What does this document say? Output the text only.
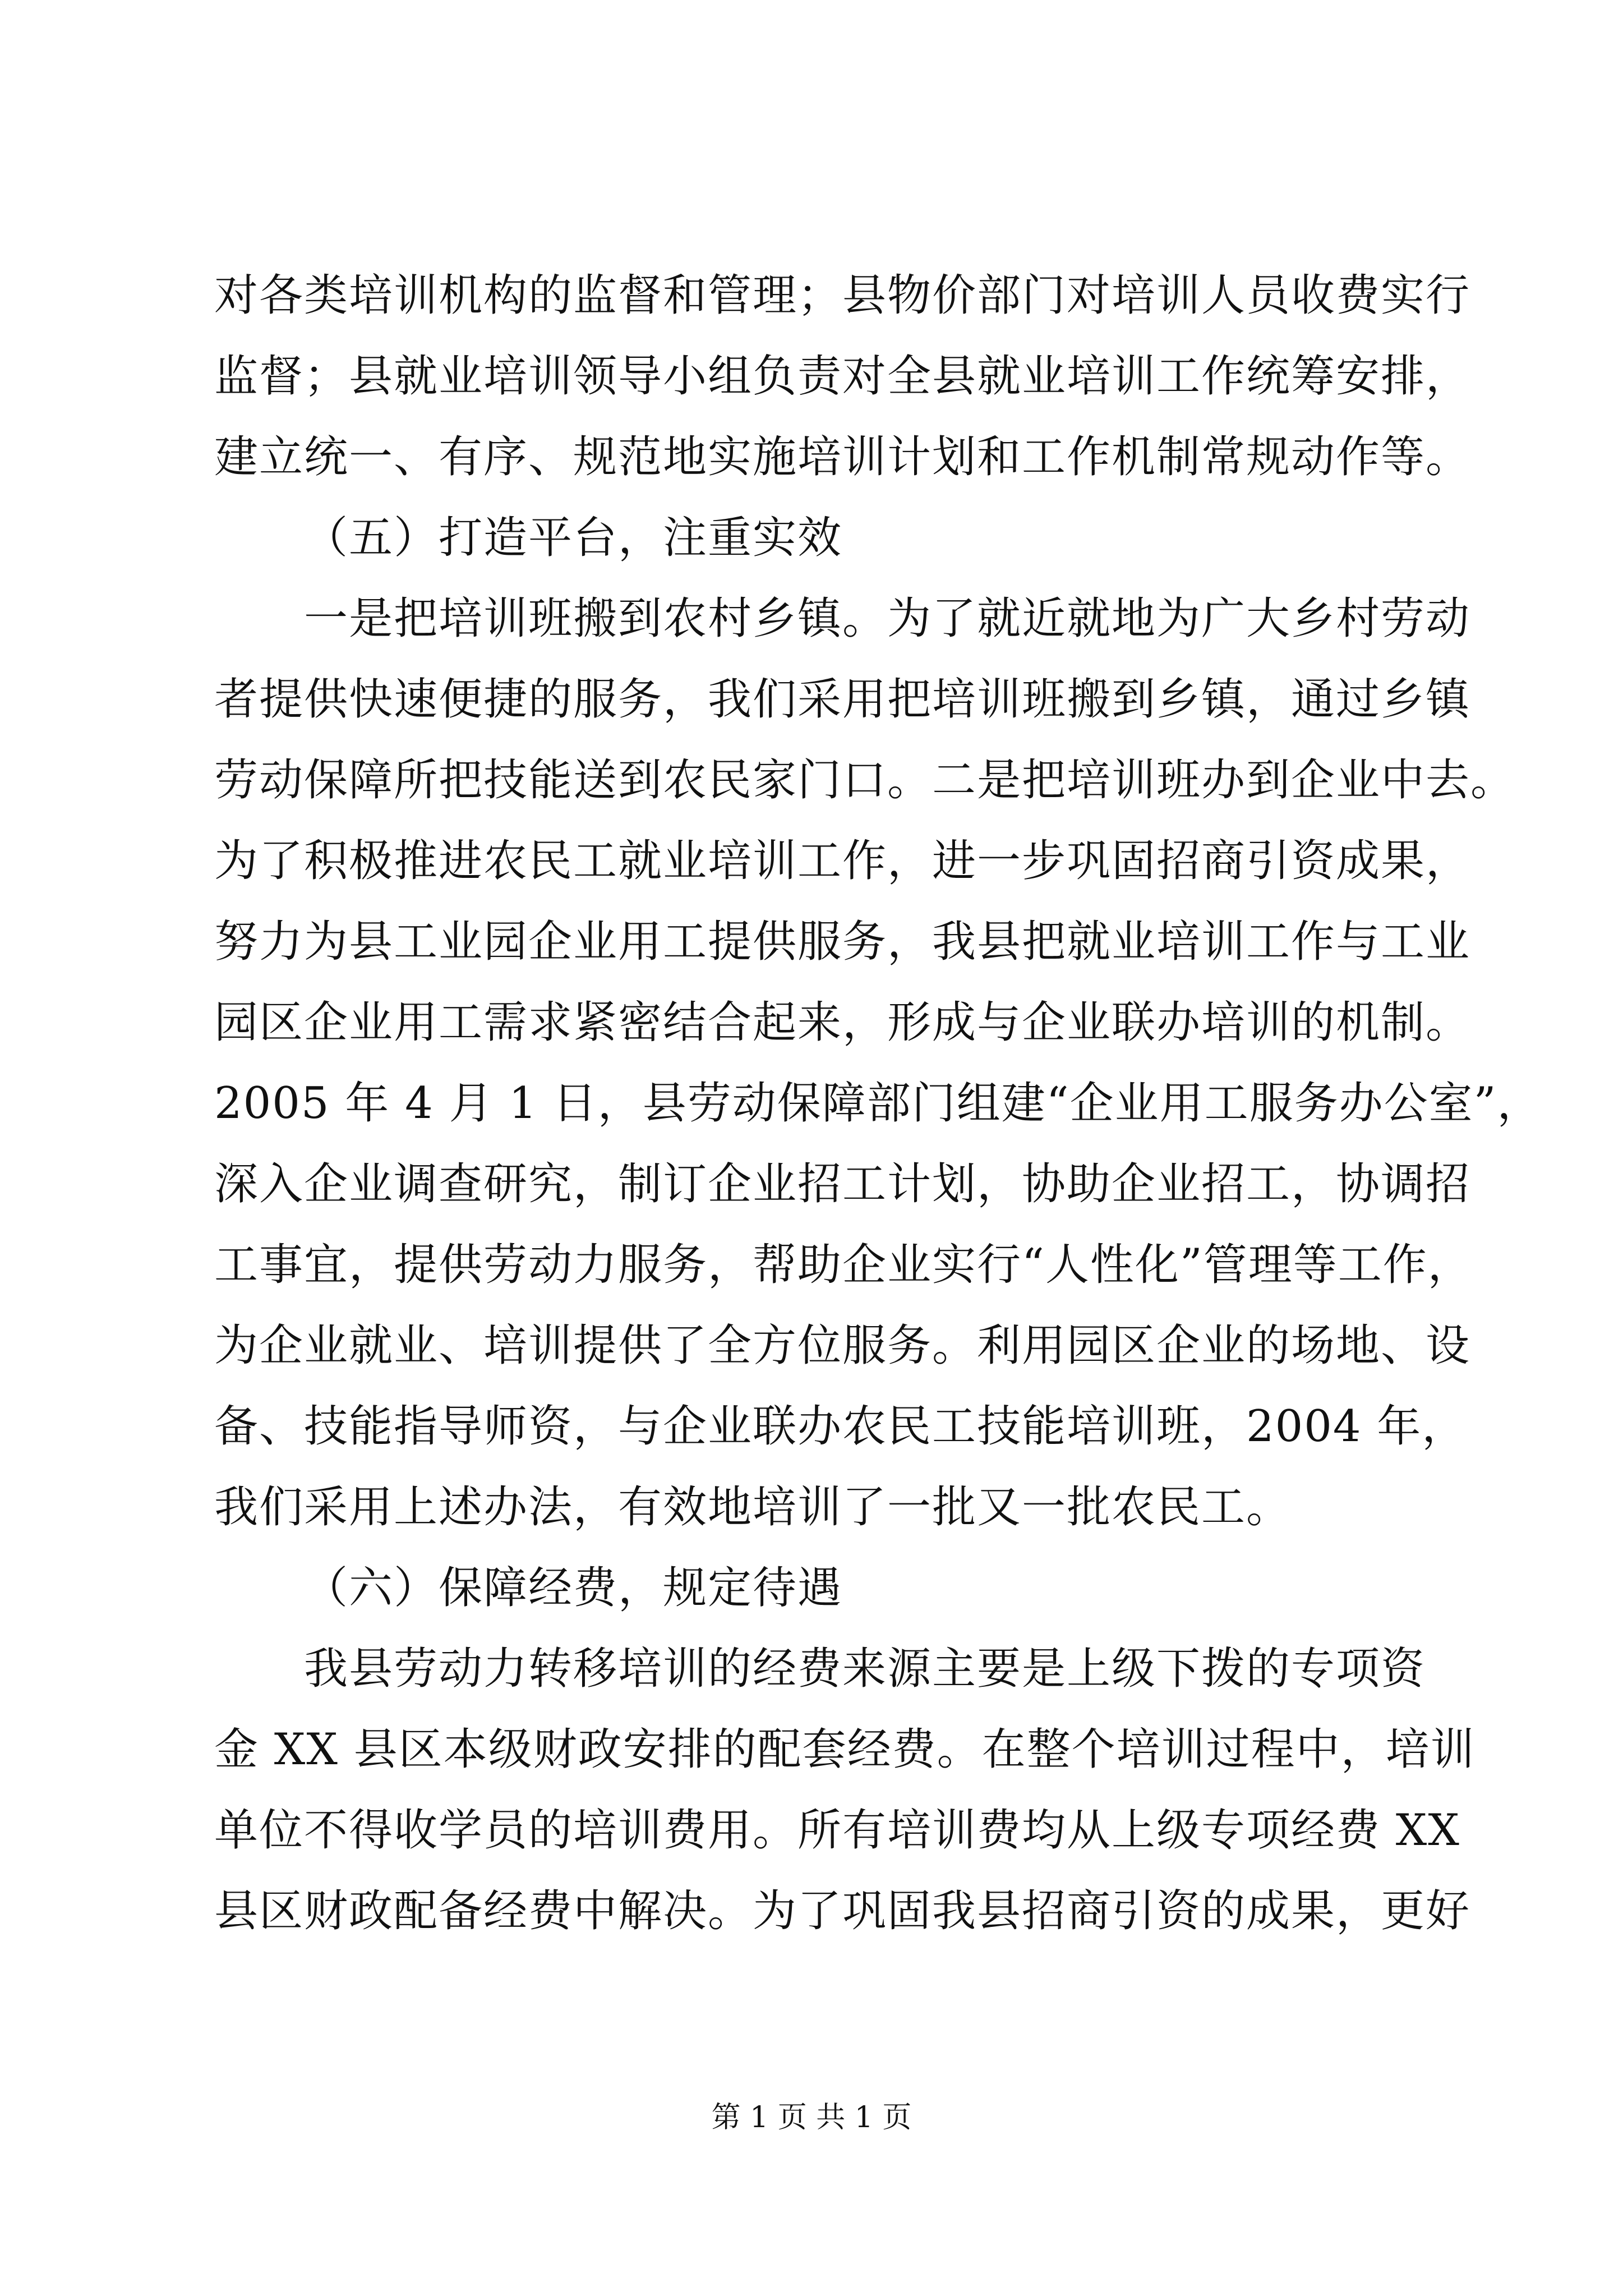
对各类培训机构的监督和管理；县物价部门对培训人员收费实行
监督；县就业培训领导小组负责对全县就业培训工作统筹安排，
建立统一、有序、规范地实施培训计划和工作机制常规动作等。
（五）打造平台，注重实效
一是把培训班搬到农村乡镇。为了就近就地为广大乡村劳动
者提供快速便捷的服务，我们采用把培训班搬到乡镇，通过乡镇
劳动保障所把技能送到农民家门口。二是把培训班办到企业中去。
为了积极推进农民工就业培训工作，进一步巩固招商引资成果，
努力为县工业园企业用工提供服务，我县把就业培训工作与工业
园区企业用工需求紧密结合起来，形成与企业联办培训的机制。
2005 年 4 月 1 日，县劳动保障部门组建“企业用工服务办公室”，
深入企业调查研究，制订企业招工计划，协助企业招工，协调招
工事宜，提供劳动力服务，帮助企业实行“人性化”管理等工作，
为企业就业、培训提供了全方位服务。利用园区企业的场地、设
备、技能指导师资，与企业联办农民工技能培训班，2004 年，
我们采用上述办法，有效地培训了一批又一批农民工。
（六）保障经费，规定待遇
我县劳动力转移培训的经费来源主要是上级下拨的专项资
金 XX 县区本级财政安排的配套经费。在整个培训过程中，培训
单位不得收学员的培训费用。所有培训费均从上级专项经费 XX
县区财政配备经费中解决。为了巩固我县招商引资的成果，更好
第 1 页 共 1 页
